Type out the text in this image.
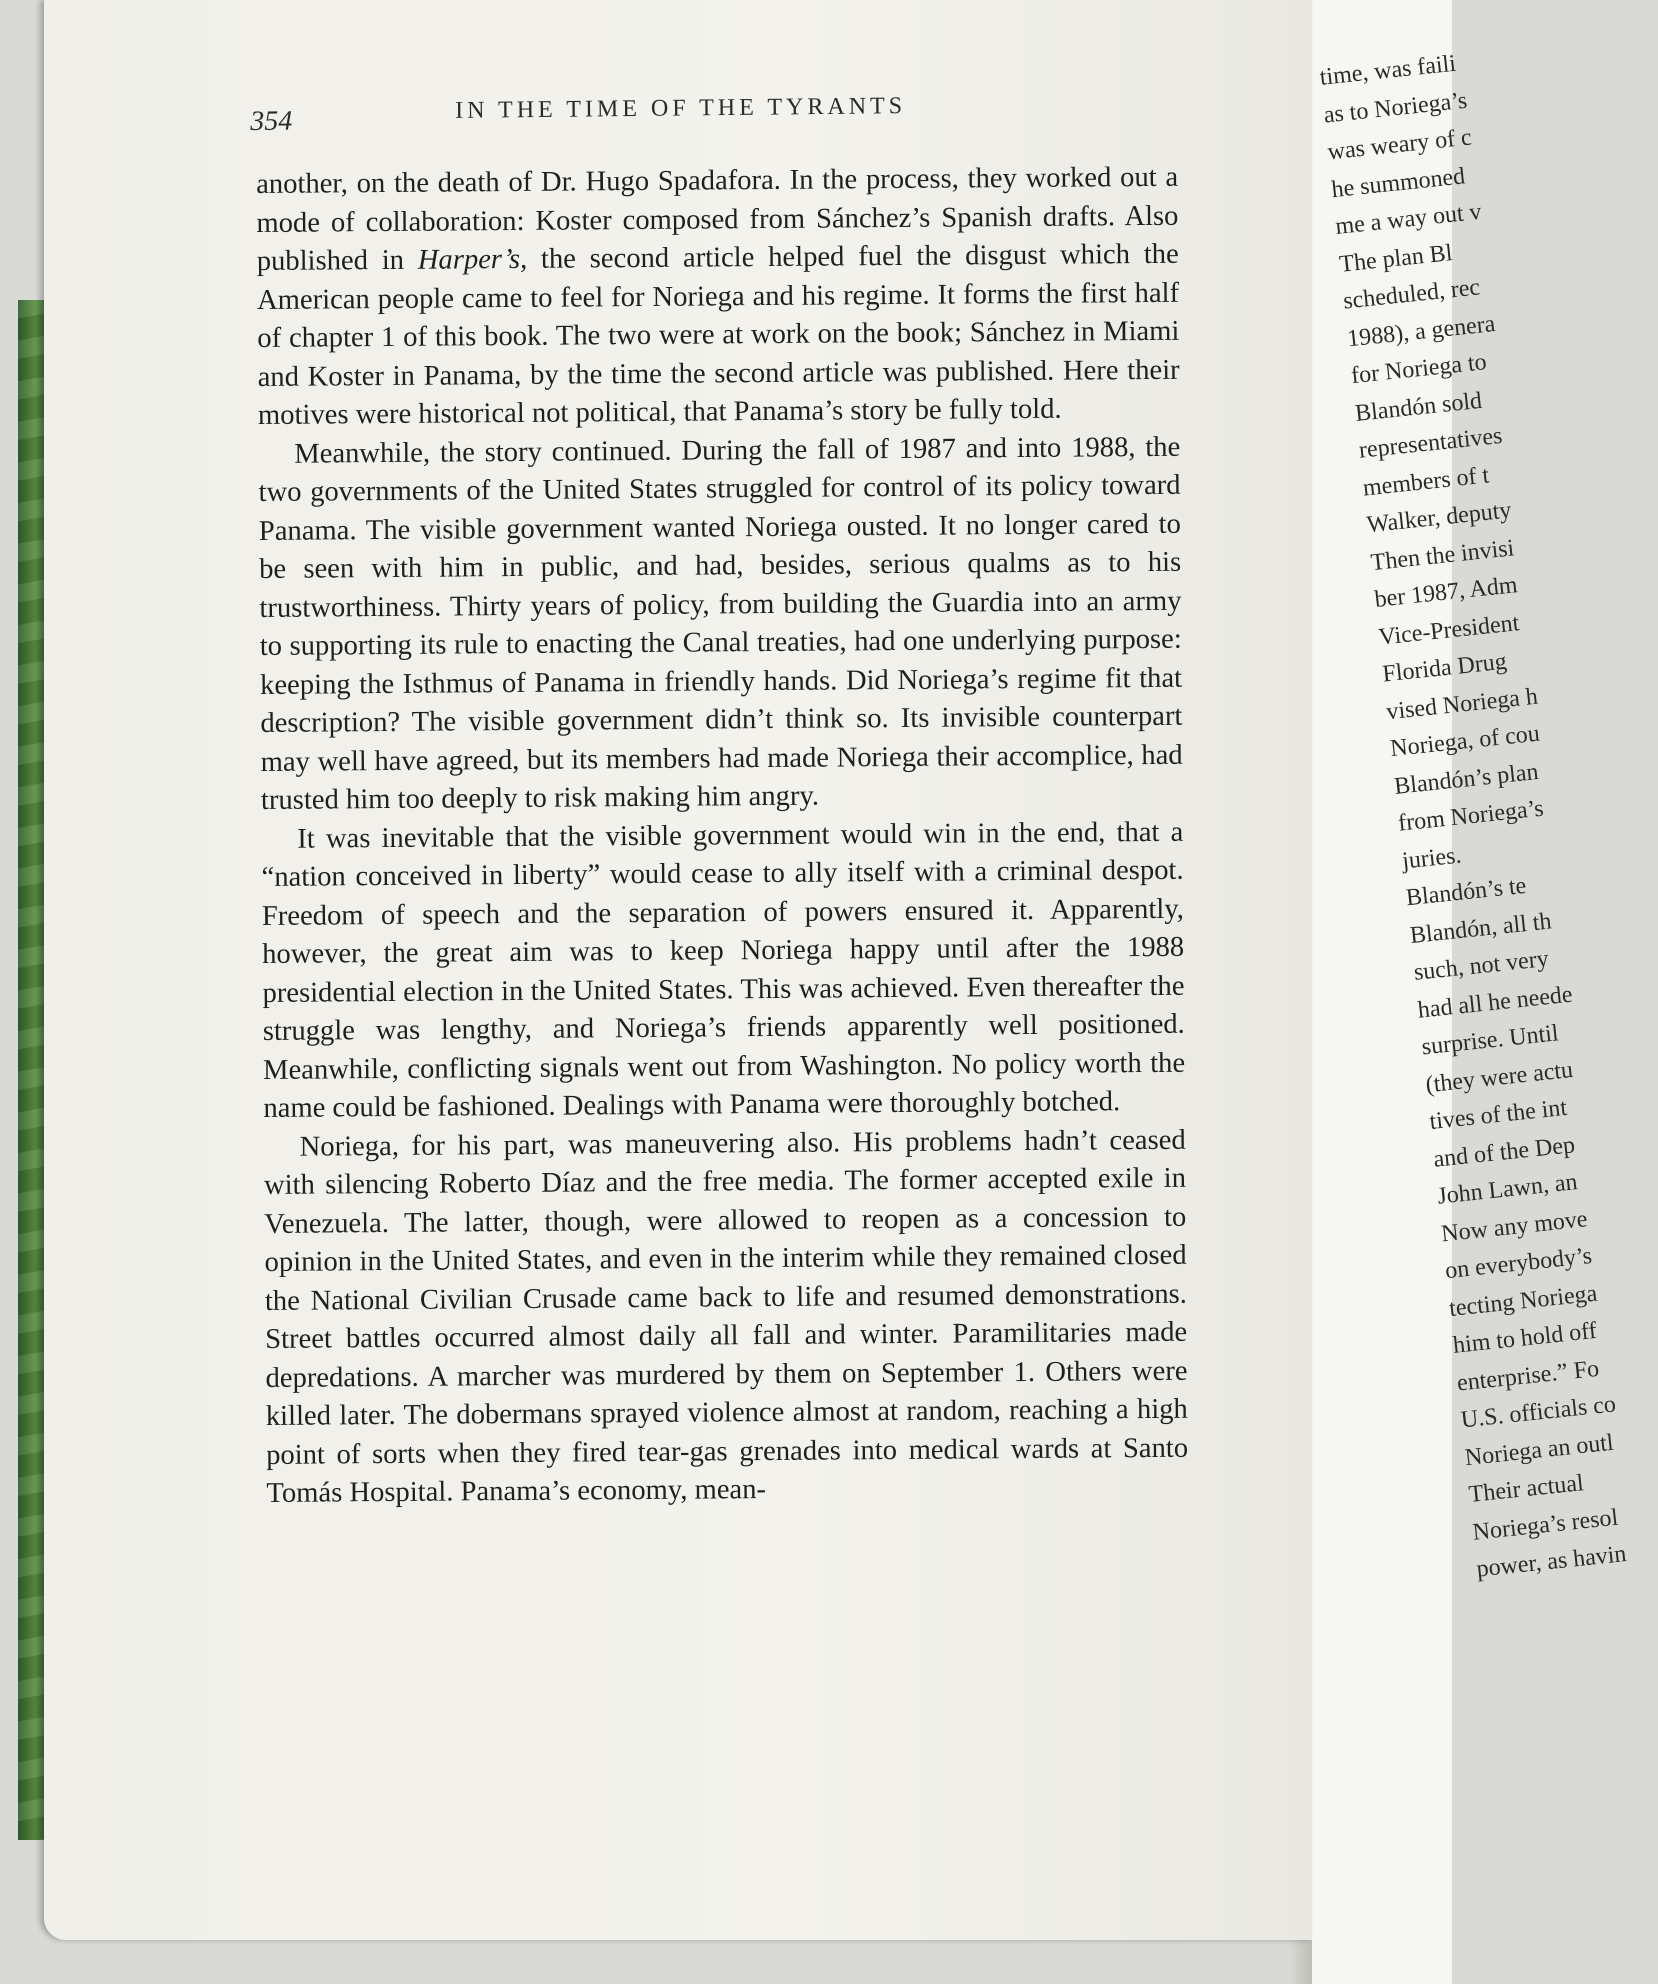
354	IN THE TIME OF THE TYRANTS

another, on the death of Dr. Hugo Spadafora. In the process, they worked out a mode of collaboration: Koster composed from Sánchez’s Spanish drafts. Also published in Harper’s, the second article helped fuel the disgust which the American people came to feel for Noriega and his regime. It forms the first half of chapter 1 of this book. The two were at work on the book; Sánchez in Miami and Koster in Panama, by the time the second article was published. Here their motives were historical not political, that Panama’s story be fully told.

Meanwhile, the story continued. During the fall of 1987 and into 1988, the two governments of the United States struggled for control of its policy toward Panama. The visible government wanted Noriega ousted. It no longer cared to be seen with him in public, and had, besides, serious qualms as to his trustworthiness. Thirty years of policy, from building the Guardia into an army to supporting its rule to enacting the Canal treaties, had one underlying purpose: keeping the Isthmus of Panama in friendly hands. Did Noriega’s regime fit that description? The visible government didn’t think so. Its invisible counterpart may well have agreed, but its members had made Noriega their accomplice, had trusted him too deeply to risk making him angry.

It was inevitable that the visible government would win in the end, that a “nation conceived in liberty” would cease to ally itself with a criminal despot. Freedom of speech and the separation of powers ensured it. Apparently, however, the great aim was to keep Noriega happy until after the 1988 presidential election in the United States. This was achieved. Even thereafter the struggle was lengthy, and Noriega’s friends apparently well positioned. Meanwhile, conflicting signals went out from Washington. No policy worth the name could be fashioned. Dealings with Panama were thoroughly botched.

Noriega, for his part, was maneuvering also. His problems hadn’t ceased with silencing Roberto Díaz and the free media. The former accepted exile in Venezuela. The latter, though, were allowed to reopen as a concession to opinion in the United States, and even in the interim while they remained closed the National Civilian Crusade came back to life and resumed demonstrations. Street battles occurred almost daily all fall and winter. Paramilitaries made depredations. A marcher was murdered by them on September 1. Others were killed later. The dobermans sprayed violence almost at random, reaching a high point of sorts when they fired tear-gas grenades into medical wards at Santo Tomás Hospital. Panama’s economy, mean-

time, was faili
as to Noriega’s
was weary of c
he summoned
me a way out v
The plan Bl
scheduled, rec
1988), a genera
for Noriega to
Blandón sold
representatives
members of t
Walker, deputy
Then the invisi
ber 1987, Adm
Vice-President
Florida Drug
vised Noriega h
Noriega, of cou
Blandón’s plan
from Noriega’s
juries.
Blandón’s te
Blandón, all th
such, not very
had all he neede
surprise. Until
(they were actu
tives of the int
and of the Dep
John Lawn, an
Now any move
on everybody’s
tecting Noriega
him to hold off
enterprise.” Fo
U.S. officials co
Noriega an outl
Their actual
Noriega’s resol
power, as havin
